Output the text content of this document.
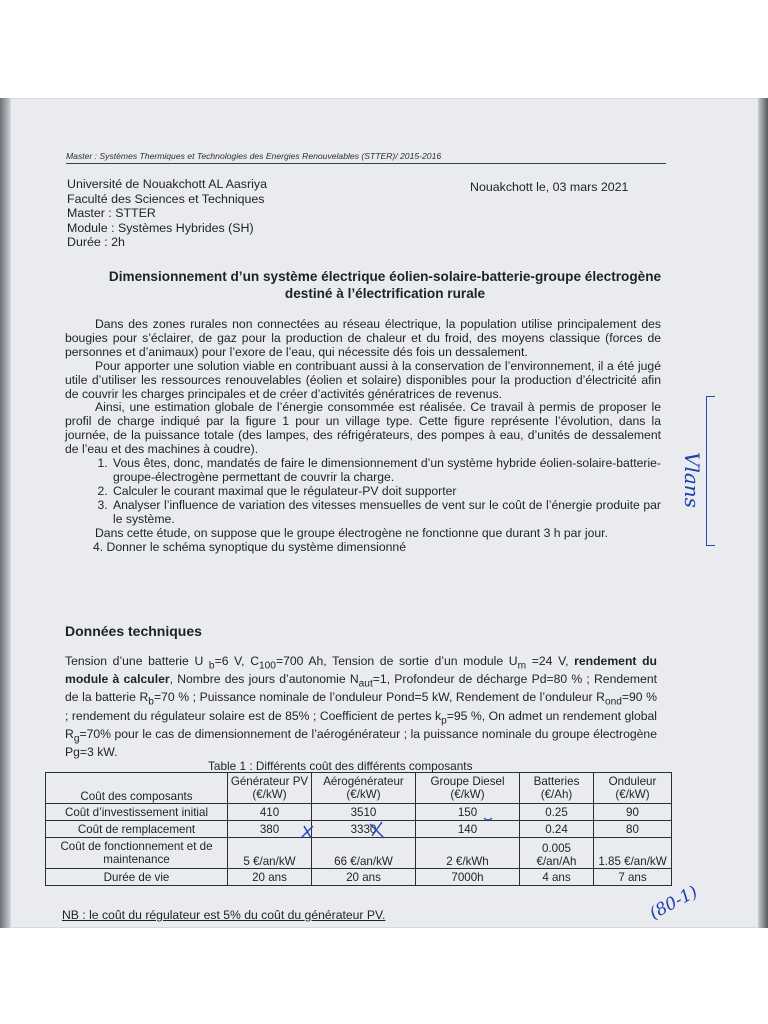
Master : Systèmes Thermiques et Technologies des Energies Renouvelables (STTER)/ 2015-2016
Université de Nouakchott AL Aasriya
Faculté des Sciences et Techniques
Master : STTER
Module : Systèmes Hybrides (SH)
Durée : 2h
Nouakchott le, 03 mars 2021
Dimensionnement d’un système électrique éolien-solaire-batterie-groupe électrogène destiné à l’électrification rurale

Dans des zones rurales non connectées au réseau électrique, la population utilise principalement des bougies pour s’éclairer, de gaz pour la production de chaleur et du froid, des moyens classique (forces de personnes et d’animaux) pour l’exore de l’eau, qui nécessite dés fois un dessalement.

Pour apporter une solution viable en contribuant aussi à la conservation de l’environnement, il a été jugé utile d’utiliser les ressources renouvelables (éolien et solaire) disponibles pour la production d’électricité afin de couvrir les charges principales et de créer d’activités génératrices de revenus.

Ainsi, une estimation globale de l’énergie consommée est réalisée. Ce travail à permis de proposer le profil de charge indiqué par la figure 1 pour un village type. Cette figure représente l’évolution, dans la journée, de la puissance totale (des lampes, des réfrigérateurs, des pompes à eau, d’unités de dessalement de l’eau et des machines à coudre).

1. Vous êtes, donc, mandatés de faire le dimensionnement d’un système hybride éolien-solaire-batterie-groupe-électrogène permettant de couvrir la charge.
2. Calculer le courant maximal que le régulateur-PV doit supporter
3. Analyser l’influence de variation des vitesses mensuelles de vent sur le coût de l’énergie produite par le système.

Dans cette étude, on suppose que le groupe électrogène ne fonctionne que durant 3 h par jour.

4. Donner le schéma synoptique du système dimensionné
Données techniques
Tension d’une batterie U $_b$=6 V, $C_{100}=700$ Ah, Tension de sortie d’un module $U_m =24$ V, rendement du module à calculer, Nombre des jours d’autonomie $N_{aut}=1$, Profondeur de décharge Pd=80 % ; Rendement de la batterie $R_b=70$ % ; Puissance nominale de l’onduleur Pond=5 kW, Rendement de l’onduleur $R_{ond}=90$ % ; rendement du régulateur solaire est de 85% ; Coefficient de pertes $k_p=95$ %, On admet un rendement global $R_g=70\%$ pour le cas de dimensionnement de l’aérogénérateur ; la puissance nominale du groupe électrogène Pg=3 kW.
Table 1 : Différents coût des différents composants
Coût des composants	Générateur PV (€/kW)	Aérogénérateur (€/kW)	Groupe Diesel (€/kW)	Batteries (€/Ah)	Onduleur (€/kW)
Coût d’investissement initial	410	3510	150	0.25	90
Coût de remplacement	380	3330	140	0.24	80
Coût de fonctionnement et de maintenance	5 €/an/kW	66 €/an/kW	2 €/kWh	0.005 €/an/Ah	1.85 €/an/kW
Durée de vie	20 ans	20 ans	7000h	4 ans	7 ans
NB : le coût du régulateur est 5% du coût du générateur PV.
Vlans
(80-1)
